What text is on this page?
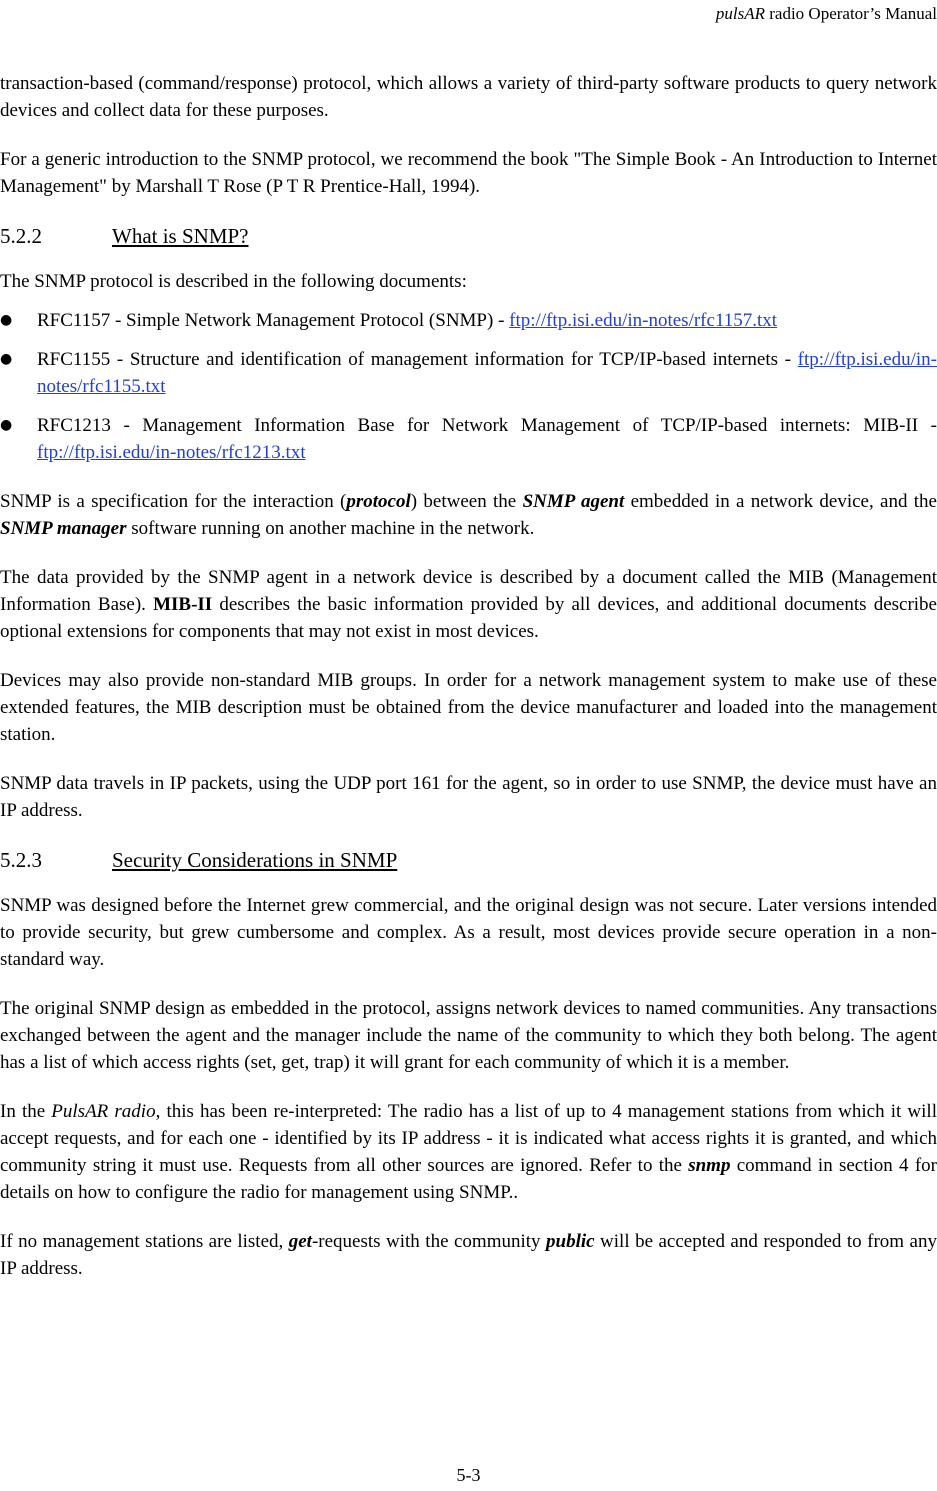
pulsAR radio Operator’s Manual

transaction-based (command/response) protocol, which allows a variety of third-party software products to query network devices and collect data for these purposes.

For a generic introduction to the SNMP protocol, we recommend the book "The Simple Book - An Introduction to Internet Management" by Marshall T Rose (P T R Prentice-Hall, 1994).

5.2.2	What is SNMP?

The SNMP protocol is described in the following documents:

● RFC1157 - Simple Network Management Protocol (SNMP) - ftp://ftp.isi.edu/in-notes/rfc1157.txt
● RFC1155 - Structure and identification of management information for TCP/IP-based internets - ftp://ftp.isi.edu/in-notes/rfc1155.txt
● RFC1213 - Management Information Base for Network Management of TCP/IP-based internets: MIB-II - ftp://ftp.isi.edu/in-notes/rfc1213.txt

SNMP is a specification for the interaction (protocol) between the SNMP agent embedded in a network device, and the SNMP manager software running on another machine in the network.

The data provided by the SNMP agent in a network device is described by a document called the MIB (Management Information Base). MIB-II describes the basic information provided by all devices, and additional documents describe optional extensions for components that may not exist in most devices.

Devices may also provide non-standard MIB groups. In order for a network management system to make use of these extended features, the MIB description must be obtained from the device manufacturer and loaded into the management station.

SNMP data travels in IP packets, using the UDP port 161 for the agent, so in order to use SNMP, the device must have an IP address.

5.2.3	Security Considerations in SNMP

SNMP was designed before the Internet grew commercial, and the original design was not secure. Later versions intended to provide security, but grew cumbersome and complex. As a result, most devices provide secure operation in a non-standard way.

The original SNMP design as embedded in the protocol, assigns network devices to named communities. Any transactions exchanged between the agent and the manager include the name of the community to which they both belong. The agent has a list of which access rights (set, get, trap) it will grant for each community of which it is a member.

In the PulsAR radio, this has been re-interpreted: The radio has a list of up to 4 management stations from which it will accept requests, and for each one - identified by its IP address - it is indicated what access rights it is granted, and which community string it must use. Requests from all other sources are ignored. Refer to the snmp command in section 4 for details on how to configure the radio for management using SNMP..

If no management stations are listed, get-requests with the community public will be accepted and responded to from any IP address.

5-3
